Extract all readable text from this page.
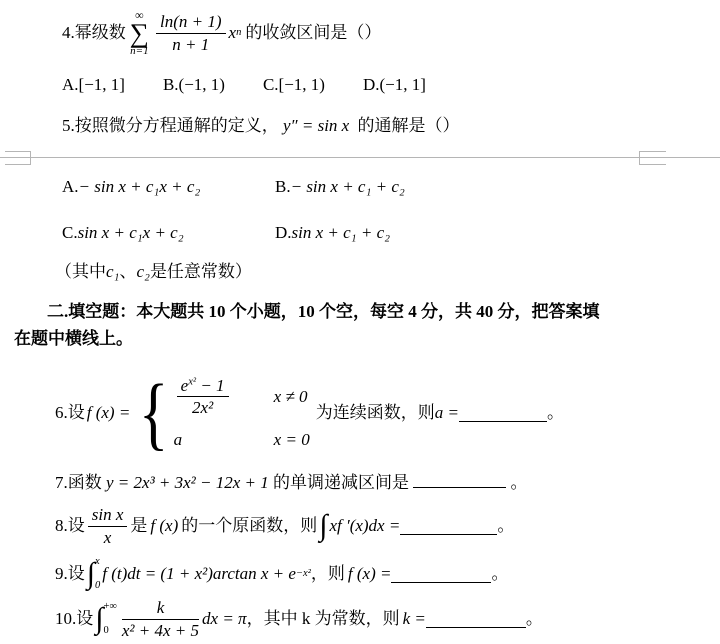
4.幂级数
∞
∑
$n=1 \frac{\ln(n + 1)}{n + 1}$ x n 的收敛区间是（）
A.[−1, 1] B.(−1, 1) C.[−1, 1) D.(−1, 1]
5.按照微分方程通解的定义， y″ = sin x 的通解是（）
A.− sin x + c₁x + c₂	B.− sin x + c₁ + c₂
C.sin x + c₁x + c₂	D.sin x + c₁ + c₂
（其中c₁、c₂是任意常数）
二.填空题：本大题共 10 个小题，10 个空，每空 4 分，共 40 分，把答案填
在题中横线上。
6.设 f (x) = { $\frac{e^{x^2} - 1}{\text{2x²}}$	x ≠ 0
a	x = 0
为连续函数，则 a =	。
7.函数 y = 2x³ + 3x² − 12x + 1 的单调递减区间是	。
8.设 $\frac{\text{sin x}}{x}$ 是 f (x) 的一个原函数，则 ∫ xf ′(x)dx =	。
9.设 ∫ x
0
f (t)dt = (1 + x²)arctan x + e −x² ，则 f (x) =	。
10.设 ∫ +∞
$0 \frac{k}{\text{x² + 4x + 5}}$ dx = π ，其中 k 为常数，则 k =	。
